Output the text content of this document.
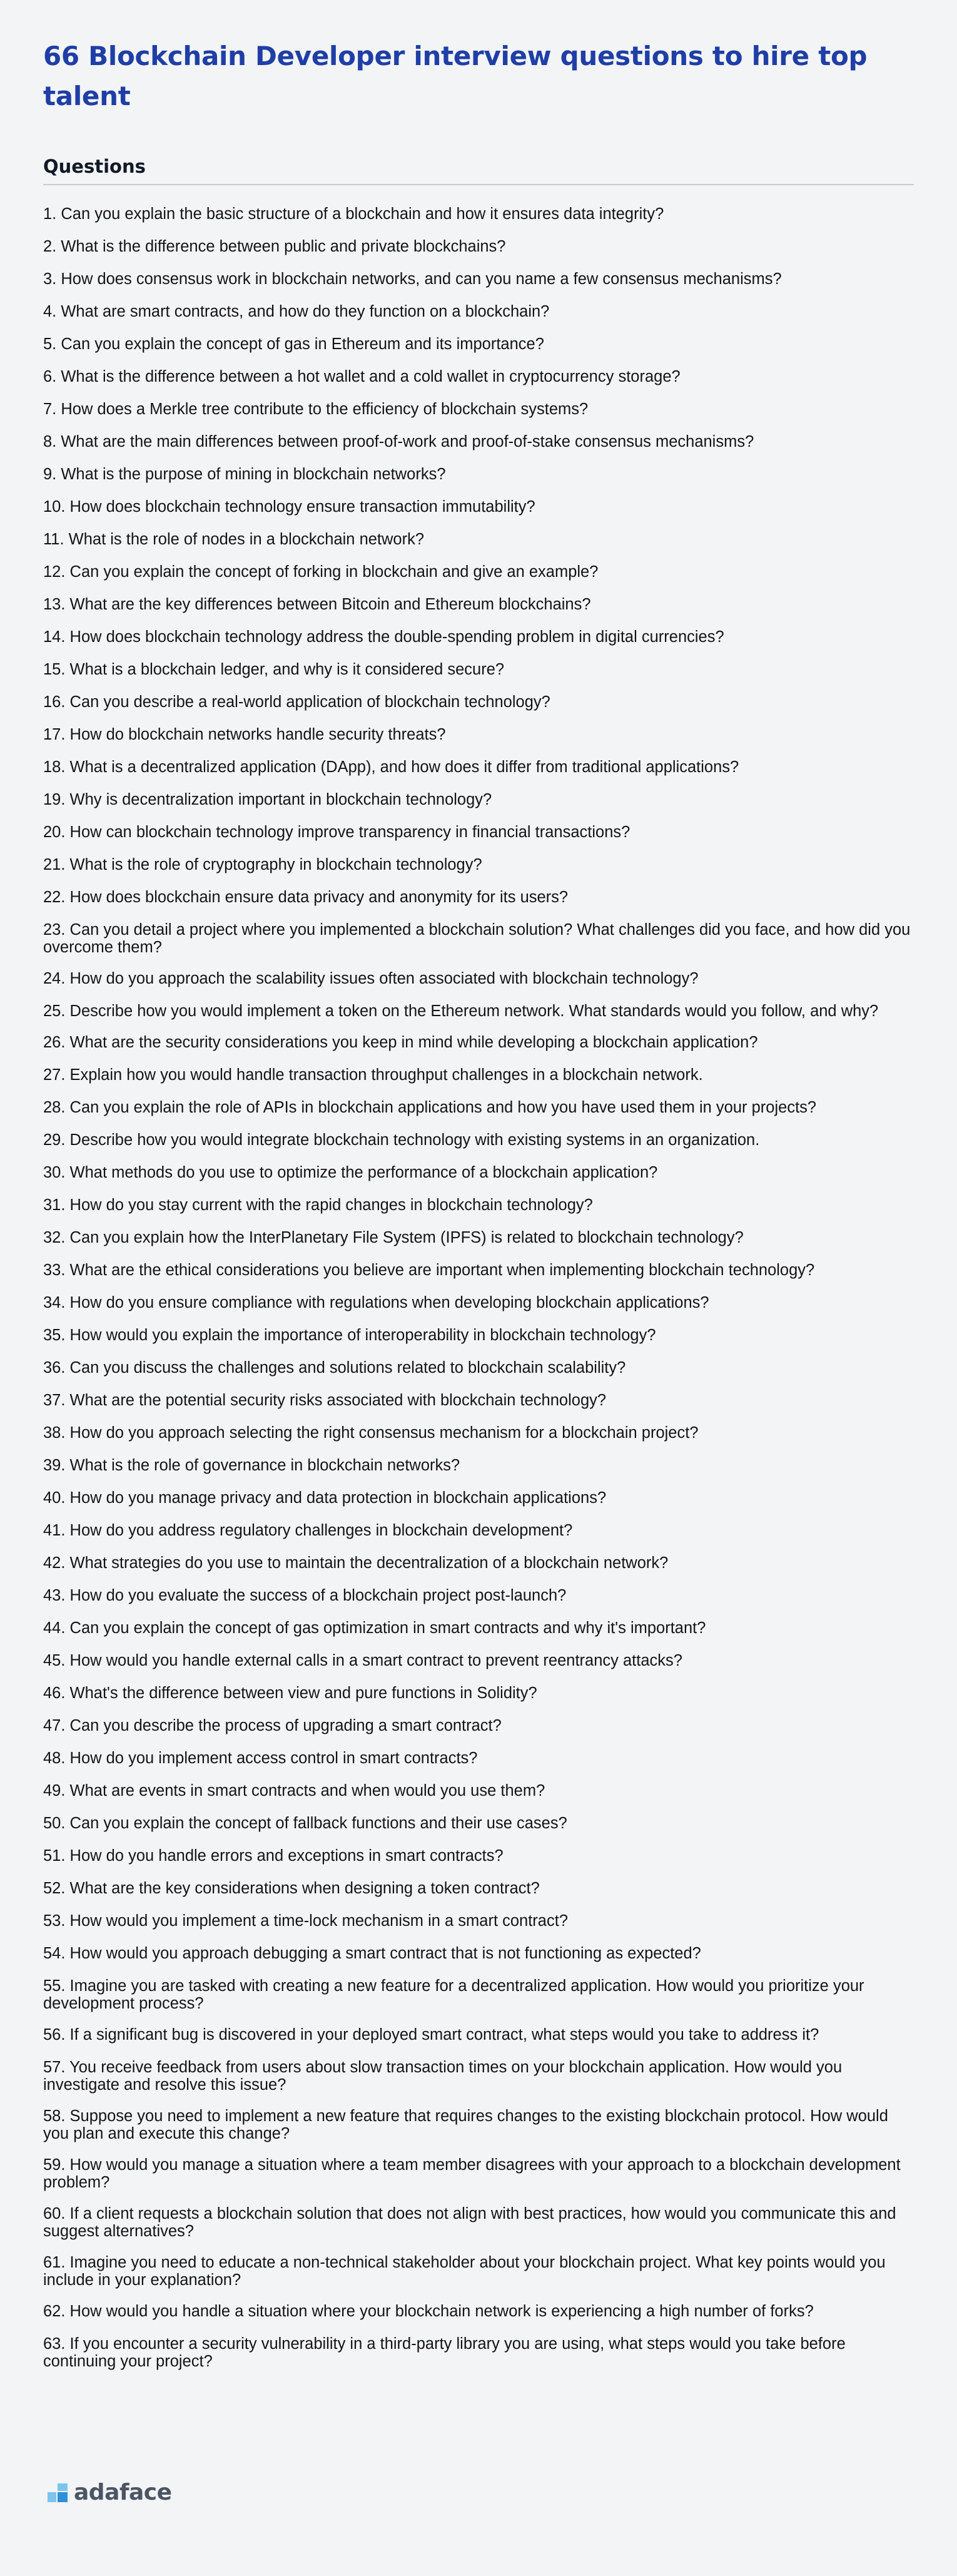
66 Blockchain Developer interview questions to hire top talent
Questions
1. Can you explain the basic structure of a blockchain and how it ensures data integrity?
2. What is the difference between public and private blockchains?
3. How does consensus work in blockchain networks, and can you name a few consensus mechanisms?
4. What are smart contracts, and how do they function on a blockchain?
5. Can you explain the concept of gas in Ethereum and its importance?
6. What is the difference between a hot wallet and a cold wallet in cryptocurrency storage?
7. How does a Merkle tree contribute to the efficiency of blockchain systems?
8. What are the main differences between proof-of-work and proof-of-stake consensus mechanisms?
9. What is the purpose of mining in blockchain networks?
10. How does blockchain technology ensure transaction immutability?
11. What is the role of nodes in a blockchain network?
12. Can you explain the concept of forking in blockchain and give an example?
13. What are the key differences between Bitcoin and Ethereum blockchains?
14. How does blockchain technology address the double-spending problem in digital currencies?
15. What is a blockchain ledger, and why is it considered secure?
16. Can you describe a real-world application of blockchain technology?
17. How do blockchain networks handle security threats?
18. What is a decentralized application (DApp), and how does it differ from traditional applications?
19. Why is decentralization important in blockchain technology?
20. How can blockchain technology improve transparency in financial transactions?
21. What is the role of cryptography in blockchain technology?
22. How does blockchain ensure data privacy and anonymity for its users?
23. Can you detail a project where you implemented a blockchain solution? What challenges did you face, and how did you overcome them?
24. How do you approach the scalability issues often associated with blockchain technology?
25. Describe how you would implement a token on the Ethereum network. What standards would you follow, and why?
26. What are the security considerations you keep in mind while developing a blockchain application?
27. Explain how you would handle transaction throughput challenges in a blockchain network.
28. Can you explain the role of APIs in blockchain applications and how you have used them in your projects?
29. Describe how you would integrate blockchain technology with existing systems in an organization.
30. What methods do you use to optimize the performance of a blockchain application?
31. How do you stay current with the rapid changes in blockchain technology?
32. Can you explain how the InterPlanetary File System (IPFS) is related to blockchain technology?
33. What are the ethical considerations you believe are important when implementing blockchain technology?
34. How do you ensure compliance with regulations when developing blockchain applications?
35. How would you explain the importance of interoperability in blockchain technology?
36. Can you discuss the challenges and solutions related to blockchain scalability?
37. What are the potential security risks associated with blockchain technology?
38. How do you approach selecting the right consensus mechanism for a blockchain project?
39. What is the role of governance in blockchain networks?
40. How do you manage privacy and data protection in blockchain applications?
41. How do you address regulatory challenges in blockchain development?
42. What strategies do you use to maintain the decentralization of a blockchain network?
43. How do you evaluate the success of a blockchain project post-launch?
44. Can you explain the concept of gas optimization in smart contracts and why it's important?
45. How would you handle external calls in a smart contract to prevent reentrancy attacks?
46. What's the difference between view and pure functions in Solidity?
47. Can you describe the process of upgrading a smart contract?
48. How do you implement access control in smart contracts?
49. What are events in smart contracts and when would you use them?
50. Can you explain the concept of fallback functions and their use cases?
51. How do you handle errors and exceptions in smart contracts?
52. What are the key considerations when designing a token contract?
53. How would you implement a time-lock mechanism in a smart contract?
54. How would you approach debugging a smart contract that is not functioning as expected?
55. Imagine you are tasked with creating a new feature for a decentralized application. How would you prioritize your development process?
56. If a significant bug is discovered in your deployed smart contract, what steps would you take to address it?
57. You receive feedback from users about slow transaction times on your blockchain application. How would you investigate and resolve this issue?
58. Suppose you need to implement a new feature that requires changes to the existing blockchain protocol. How would you plan and execute this change?
59. How would you manage a situation where a team member disagrees with your approach to a blockchain development problem?
60. If a client requests a blockchain solution that does not align with best practices, how would you communicate this and suggest alternatives?
61. Imagine you need to educate a non-technical stakeholder about your blockchain project. What key points would you include in your explanation?
62. How would you handle a situation where your blockchain network is experiencing a high number of forks?
63. If you encounter a security vulnerability in a third-party library you are using, what steps would you take before continuing your project?
adaface
